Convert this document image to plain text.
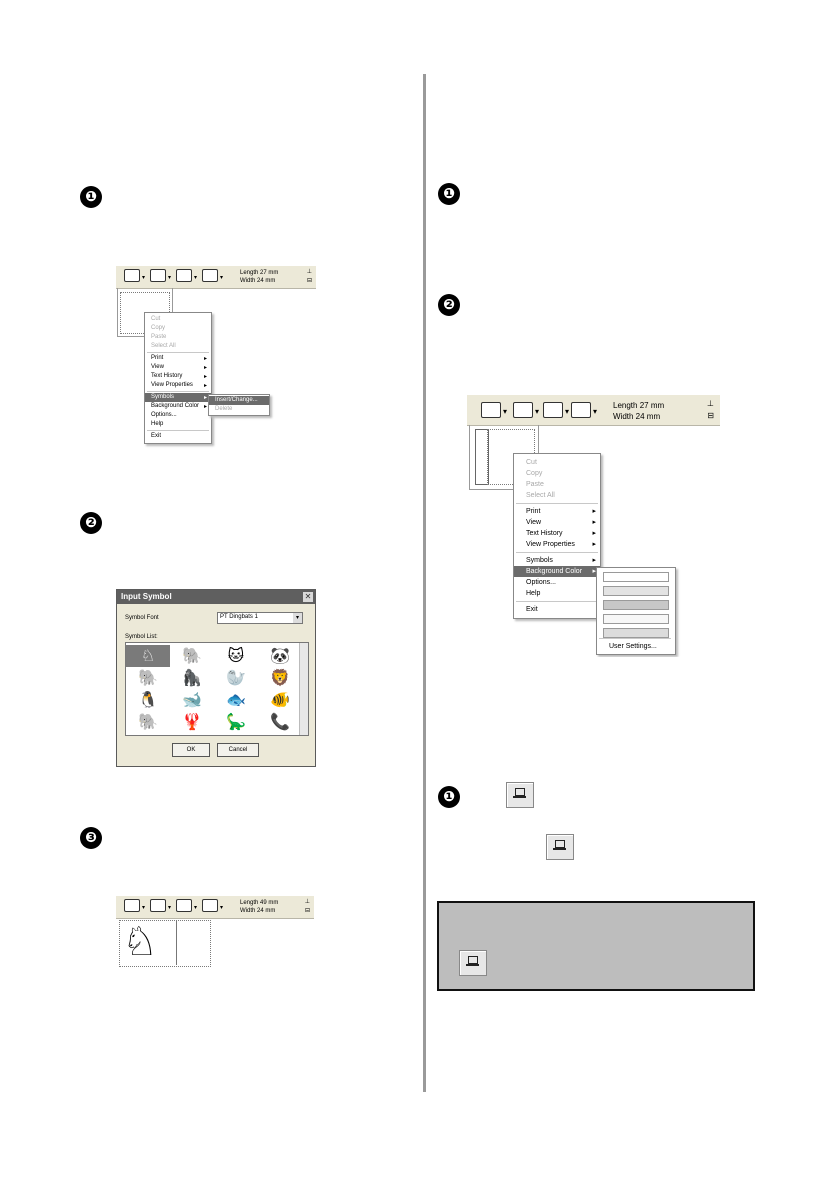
❶
▾	▾	▾	▾
Length 27 mm
Width 24 mm
⊥
⊟
Cut
Copy
Paste
Select All
Print	▸
View	▸
Text History	▸
View Properties ▸
Symbols	▸
Background Color ▸
Options...
Help
Exit
Insert/Change...
Delete
❷
Input Symbol	✕
Symbol Font	PT Dingbats 1	▾
Symbol List:
♘	🐘	🐱	🐼
🐘	🦍	🦭	🦁
🐧	🐋	🐟	🐠
🐘	🦞	🦕	📞
OK	Cancel
❸
▾	▾	▾	▾
Length 49 mm
Width 24 mm
⊥
⊟
♘
❶
❷
▾	▾	▾	▾
Length 27 mm
Width 24 mm
⊥
⊟
Cut
Copy
Paste
Select All
Print	▸
View	▸
Text History	▸
View Properties	▸
Symbols	▸
Background Color ▸
Options...
Help
Exit
User Settings...
❶
